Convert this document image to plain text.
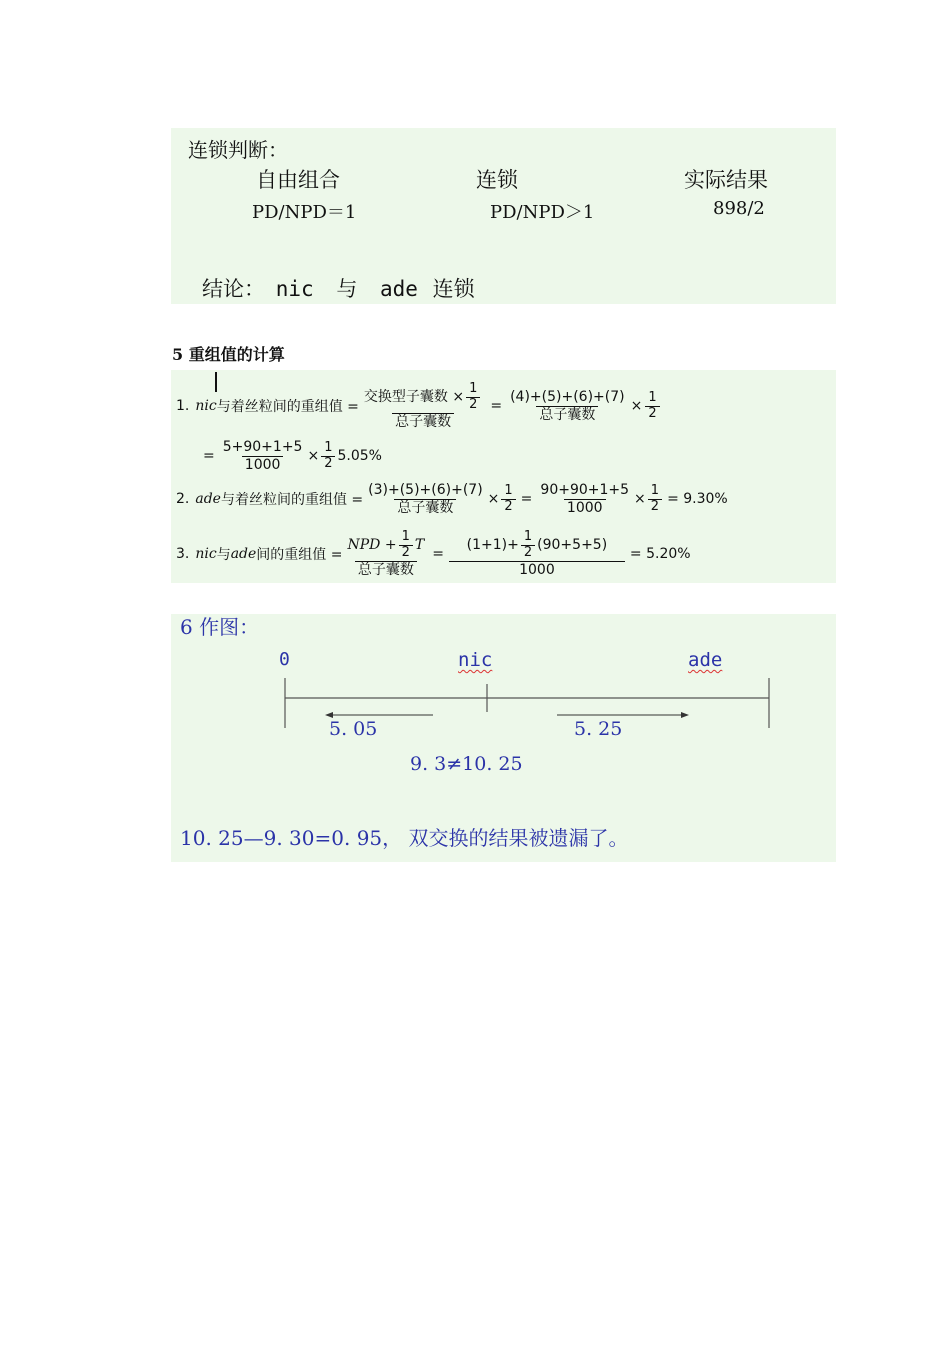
连锁判断：
自由组合	连锁	实际结果
PD/NPD＝1	PD/NPD＞1	898/2
结论： nic 与 ade 连锁
5 重组值的计算
1. nic 与着丝粒间的重组值 = $\frac{交换型子囊数 \times \frac{1}{2}}{\text{总子囊数}} = \frac{(4)+(5)+(6)+(7)}{\text{总子囊数}} \times \frac{1}{2}$
= $\frac{5+90+1+5}{1000} \times \frac{1}{2} 5.05\%$
2. ade 与着丝粒间的重组值 = $\frac{(3)+(5)+(6)+(7)}{\text{总子囊数}} \times \frac{1}{2} = \frac{90+90+1+5}{1000} \times \frac{1}{2} = 9.30\%$
3. nic 与 ade 间的重组值 = $\frac{NPD + \frac{1}{2} T}{\text{总子囊数}} = \frac{(1+1)+ \frac{1}{2} (90+5+5)}{1000} = 5.20\%$
6 作图：
0	nic	ade
5. 05	5. 25
9. 3≠10. 25
10. 25—9. 30=0. 95， 双交换的结果被遗漏了。
